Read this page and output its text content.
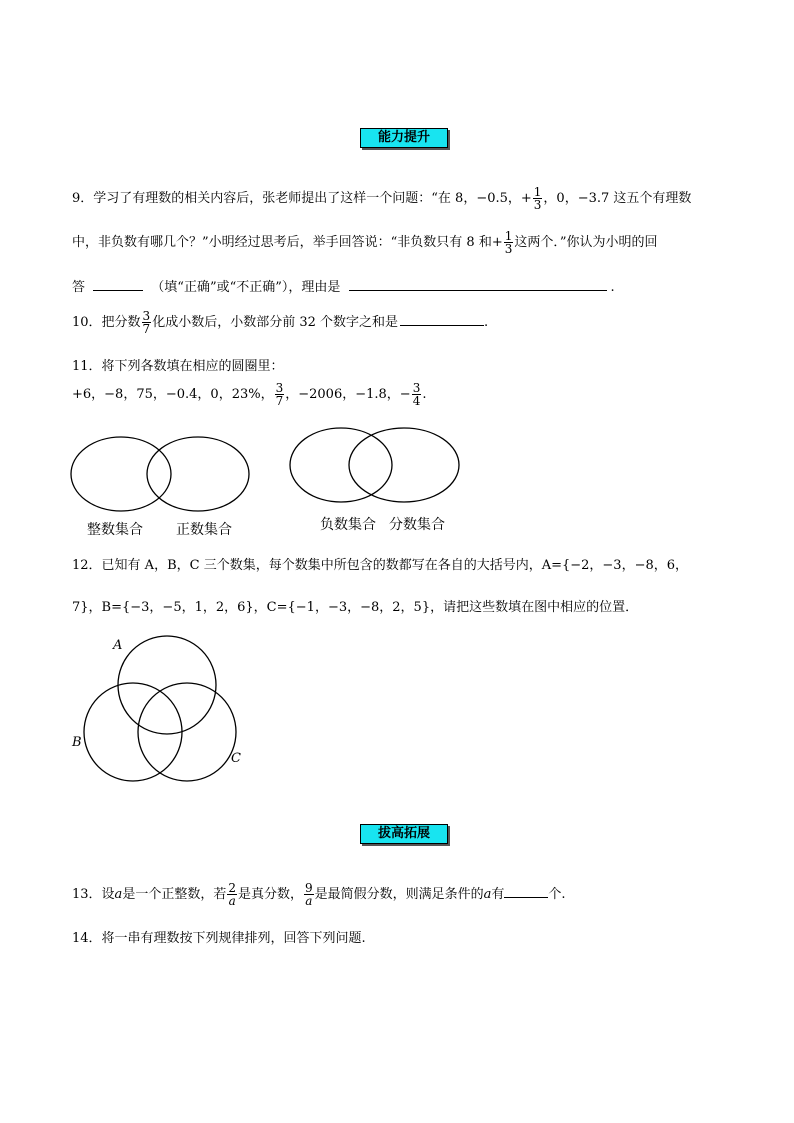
能力提升
9．学习了有理数的相关内容后，张老师提出了这样一个问题：“在 8，−0.5，+ $\frac{1}{3}$ ，0，−3.7 这五个有理数
中，非负数有哪几个？”小明经过思考后，举手回答说：“非负数只有 8 和+ $\frac{1}{3}$ 这两个．”你认为小明的回
答	（填“正确”或“不正确”），理由是	.
10．把分数 $\frac{3}{7}$ 化成小数后，小数部分前 32 个数字之和是	.
11．将下列各数填在相应的圆圈里：
+6，−8，75，−0.4，0，23%， $\frac{3}{7}$ ，−2006，−1.8，− $\frac{3}{4}$ .
整数集合 正数集合	负数集合 分数集合
12．已知有 A，B，C 三个数集，每个数集中所包含的数都写在各自的大括号内，A={−2，−3，−8，6，
7}，B={−3，−5，1，2，6}，C={−1，−3，−8，2，5}，请把这些数填在图中相应的位置．
A
B
C
拔高拓展
13．设a是一个正整数，若 $\frac{2}{a}$ 是真分数， $\frac{9}{a}$ 是最简假分数，则满足条件的a有	个.
14．将一串有理数按下列规律排列，回答下列问题.
